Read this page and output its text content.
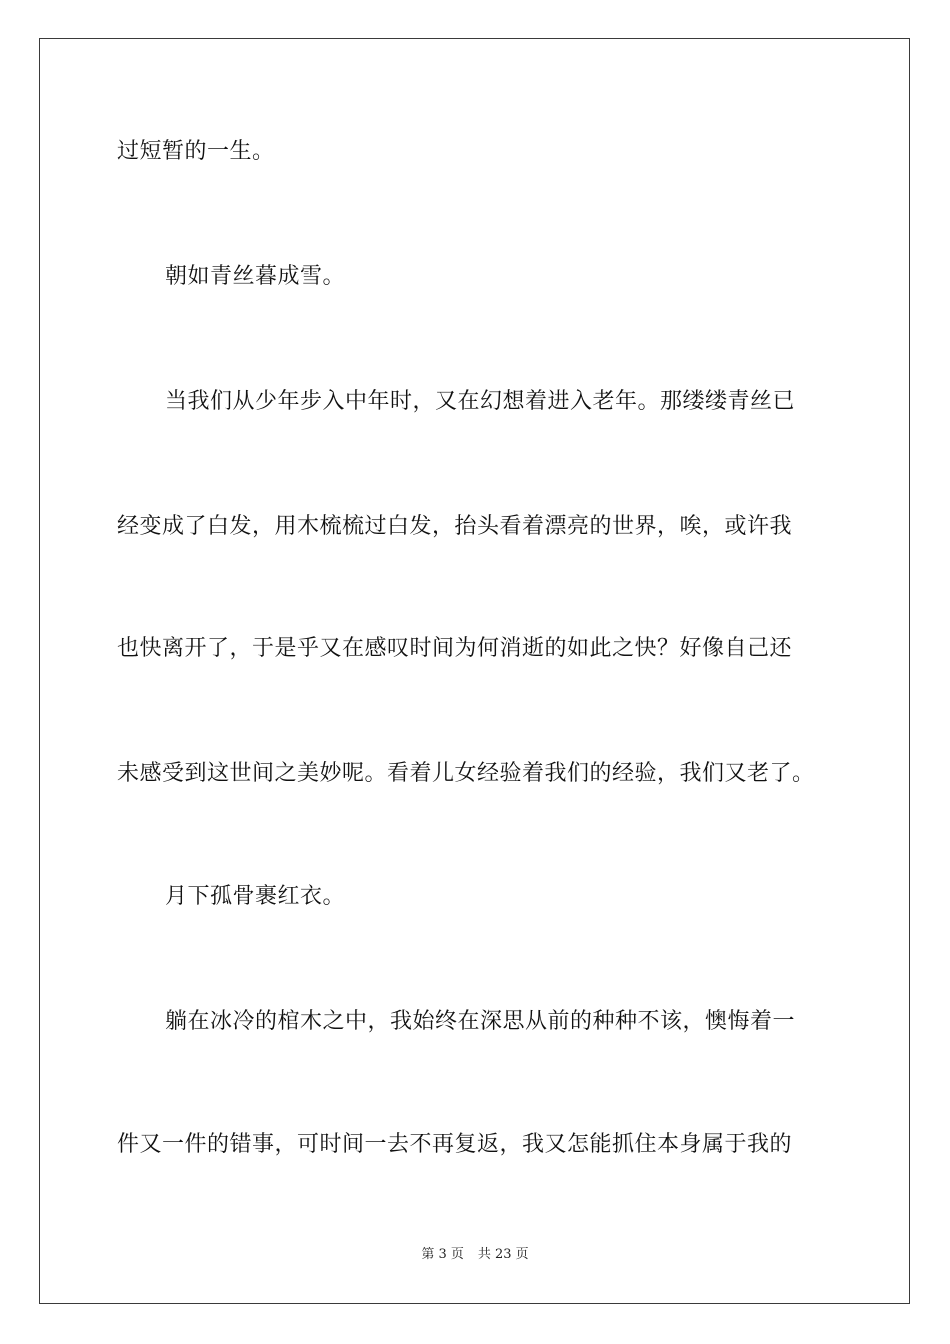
过短暂的一生。
朝如青丝暮成雪。
当我们从少年步入中年时，又在幻想着进入老年。那缕缕青丝已
经变成了白发，用木梳梳过白发，抬头看着漂亮的世界，唉，或许我
也快离开了，于是乎又在感叹时间为何消逝的如此之快？好像自己还
未感受到这世间之美妙呢。看着儿女经验着我们的经验，我们又老了。
月下孤骨裹红衣。
躺在冰冷的棺木之中，我始终在深思从前的种种不该，懊悔着一
件又一件的错事，可时间一去不再复返，我又怎能抓住本身属于我的
第 3 页 共 23 页
